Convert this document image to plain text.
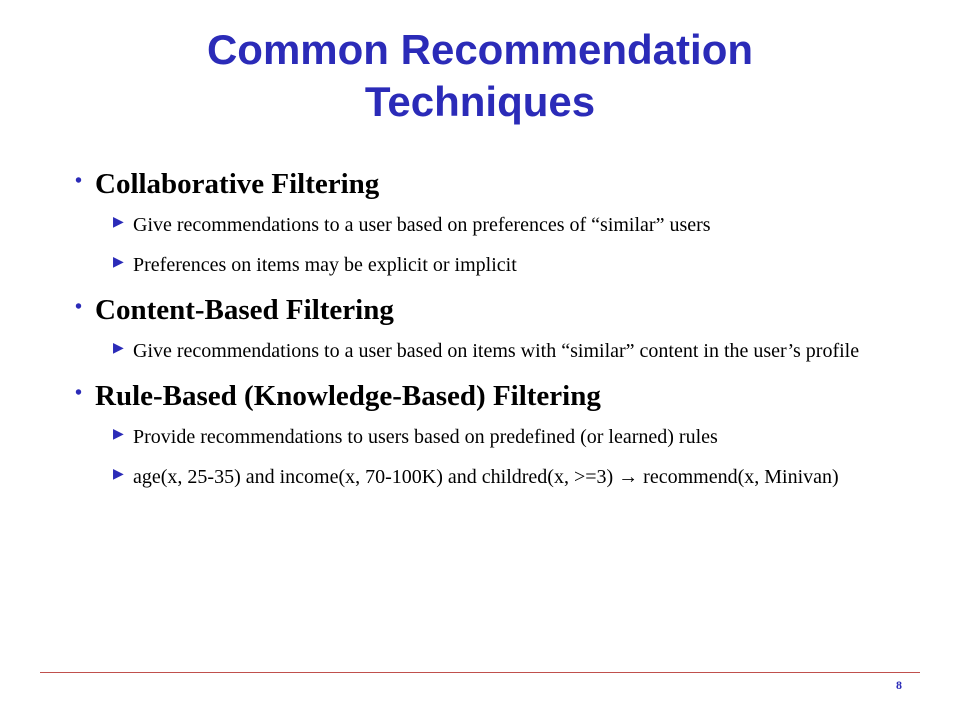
Common Recommendation
Techniques
• Collaborative Filtering
▶ Give recommendations to a user based on preferences of “similar” users
▶ Preferences on items may be explicit or implicit
• Content-Based Filtering
▶ Give recommendations to a user based on items with “similar” content in the user’s profile
• Rule-Based (Knowledge-Based) Filtering
▶ Provide recommendations to users based on predefined (or learned) rules
▶ age(x, 25-35) and income(x, 70-100K) and childred(x, >=3) → recommend(x, Minivan)
8
